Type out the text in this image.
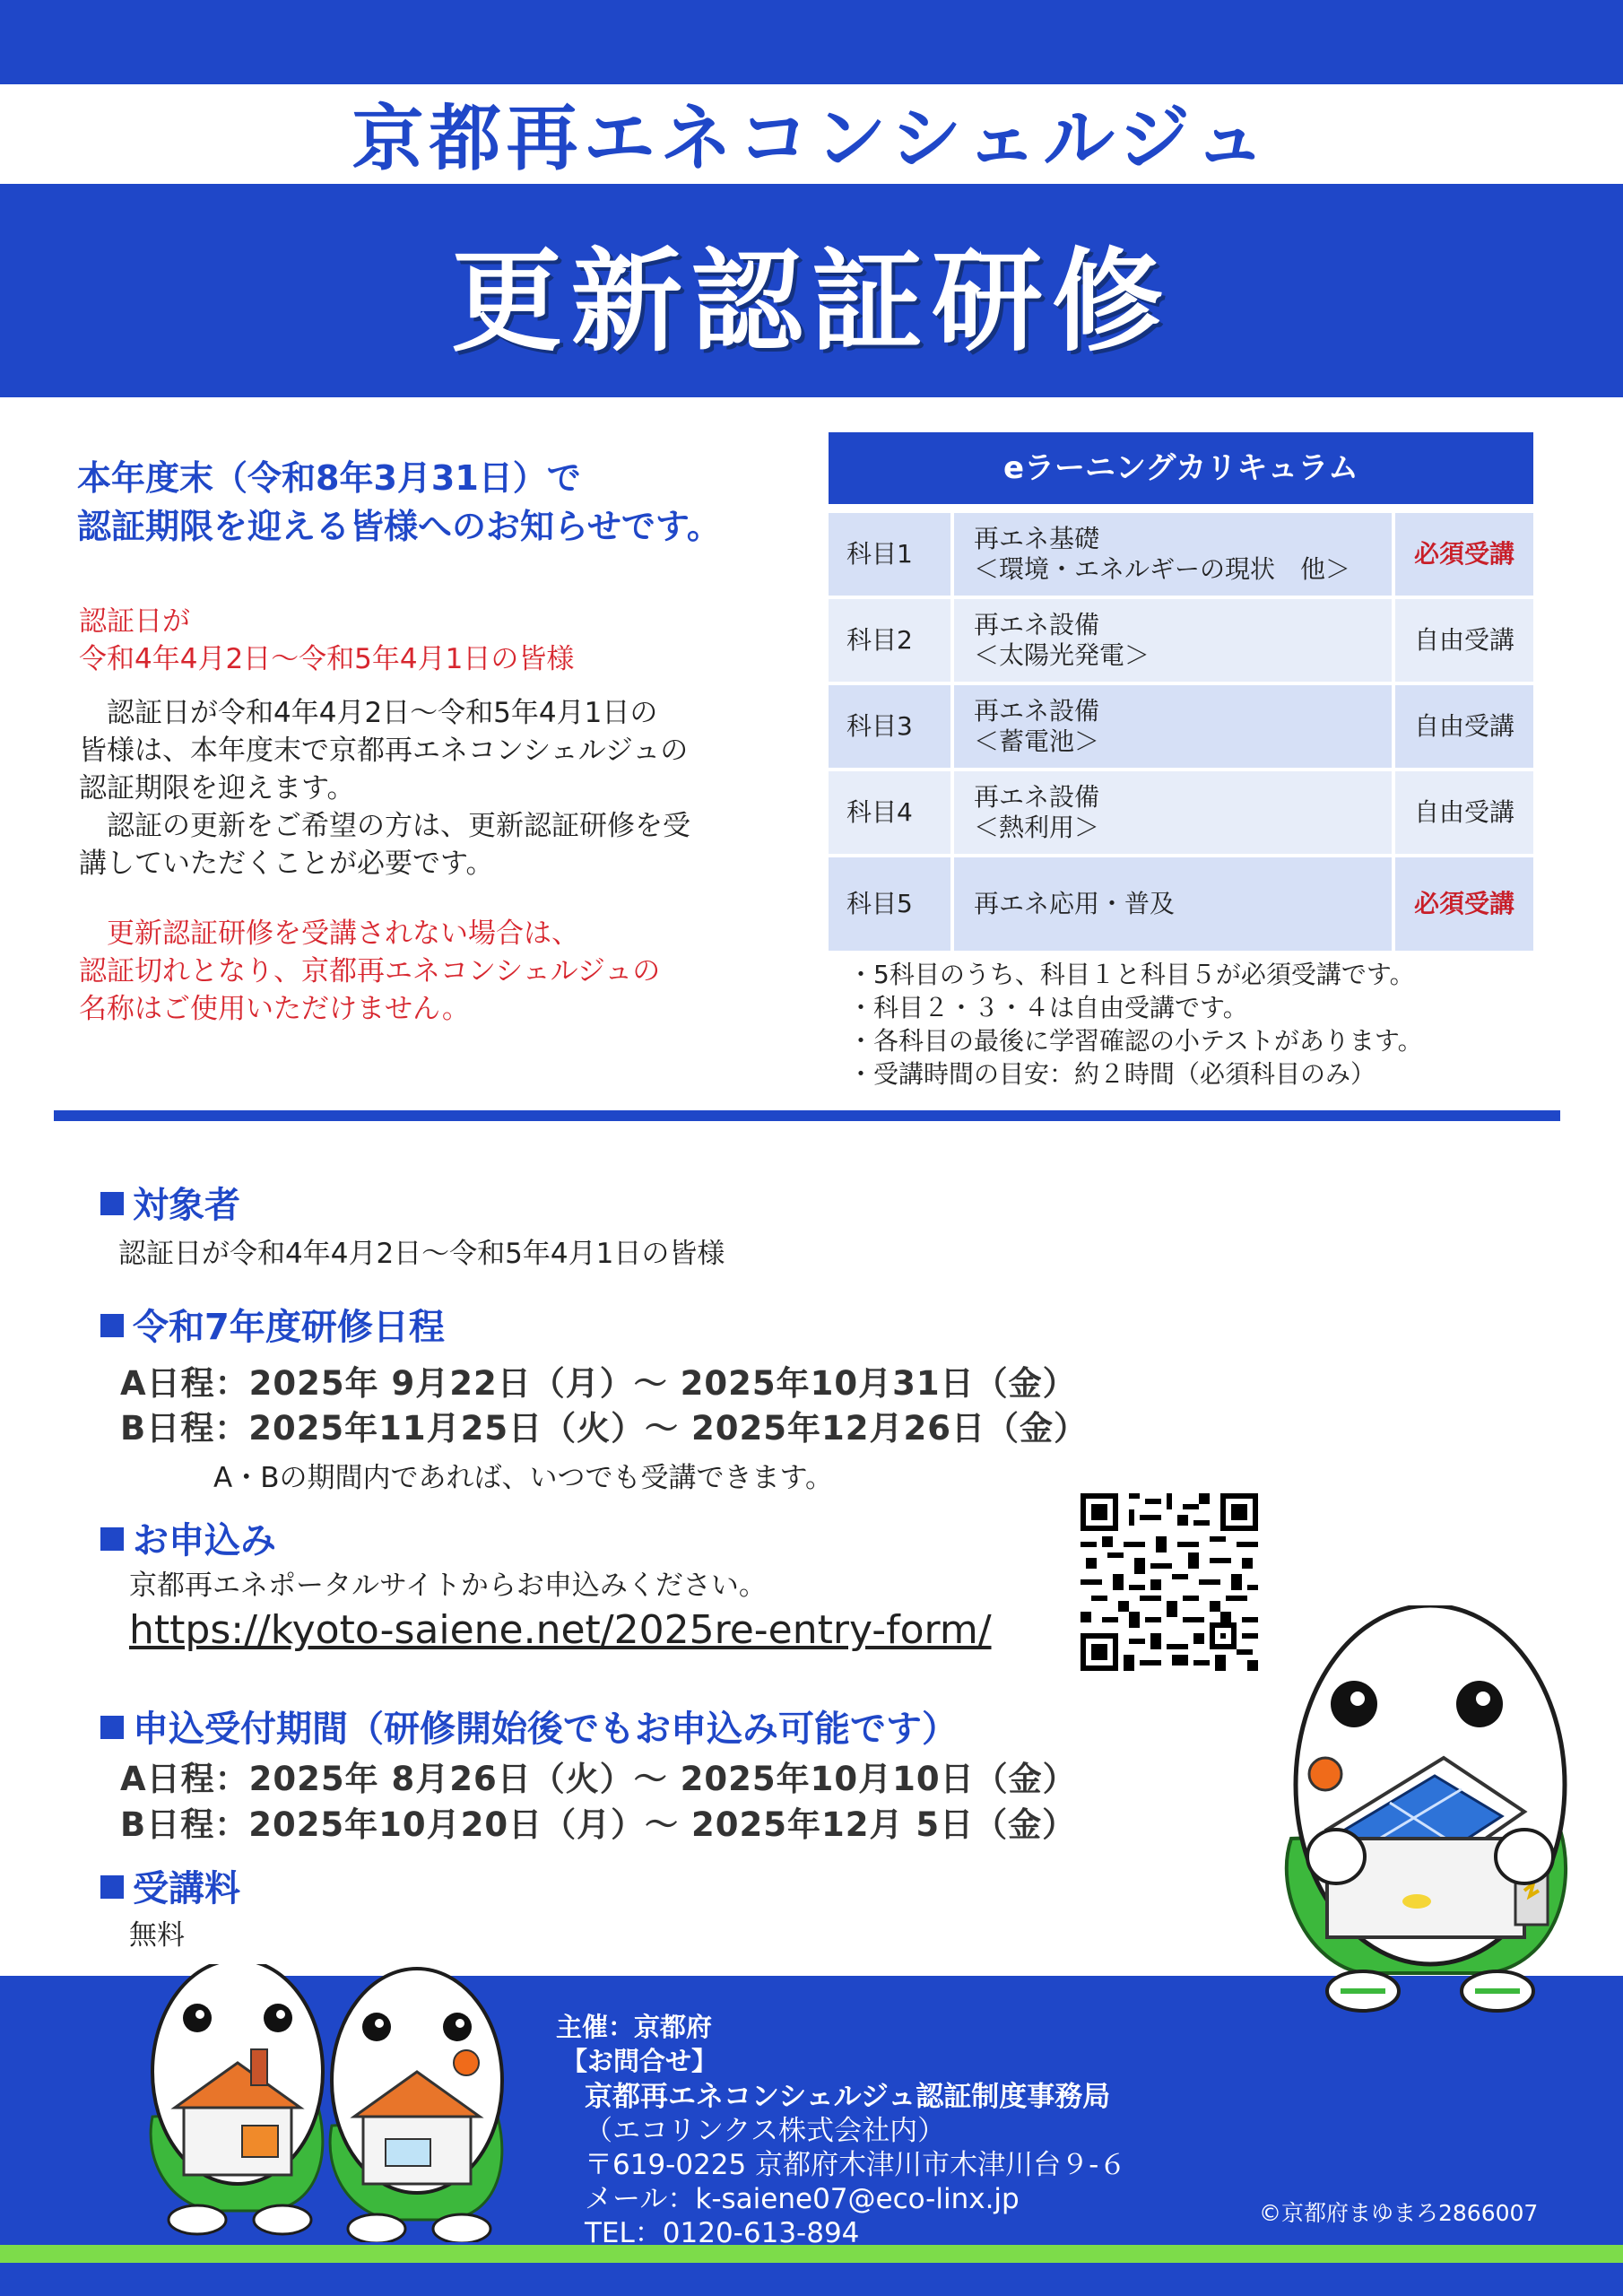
京都再エネコンシェルジュ
更新認証研修
本年度末（令和8年3月31日）で
認証期限を迎える皆様へのお知らせです。
認証日が
令和4年4月2日～令和5年4月1日の皆様
　認証日が令和4年4月2日～令和5年4月1日の
皆様は、本年度末で京都再エネコンシェルジュの
認証期限を迎えます。
　認証の更新をご希望の方は、更新認証研修を受
講していただくことが必要です。
　更新認証研修を受講されない場合は、
認証切れとなり、京都再エネコンシェルジュの
名称はご使用いただけません。
eラーニングカリキュラム
科目1
再エネ基礎
＜環境・エネルギーの現状　他＞
必須受講
科目2
再エネ設備
＜太陽光発電＞
自由受講
科目3
再エネ設備
＜蓄電池＞
自由受講
科目4
再エネ設備
＜熱利用＞
自由受講
科目5	再エネ応用・普及	必須受講
・5科目のうち、科目１と科目５が必須受講です。
・科目２・３・４は自由受講です。
・各科目の最後に学習確認の小テストがあります。
・受講時間の目安：約２時間（必須科目のみ）
対象者
認証日が令和4年4月2日～令和5年4月1日の皆様
令和7年度研修日程
A日程：2025年 9月22日（月）～ 2025年10月31日（金）
B日程：2025年11月25日（火）～ 2025年12月26日（金）
A・Bの期間内であれば、いつでも受講できます。
お申込み
京都再エネポータルサイトからお申込みください。
https://kyoto-saiene.net/2025re-entry-form/
申込受付期間（研修開始後でもお申込み可能です）
A日程：2025年 8月26日（火）～ 2025年10月10日（金）
B日程：2025年10月20日（月）～ 2025年12月 5日（金）
受講料
無料
主催：京都府
【お問合せ】
京都再エネコンシェルジュ認証制度事務局
（エコリンクス株式会社内）
〒619-0225 京都府木津川市木津川台９-６
メール：k-saiene07@eco-linx.jp
TEL：0120-613-894
©京都府まゆまろ2866007
